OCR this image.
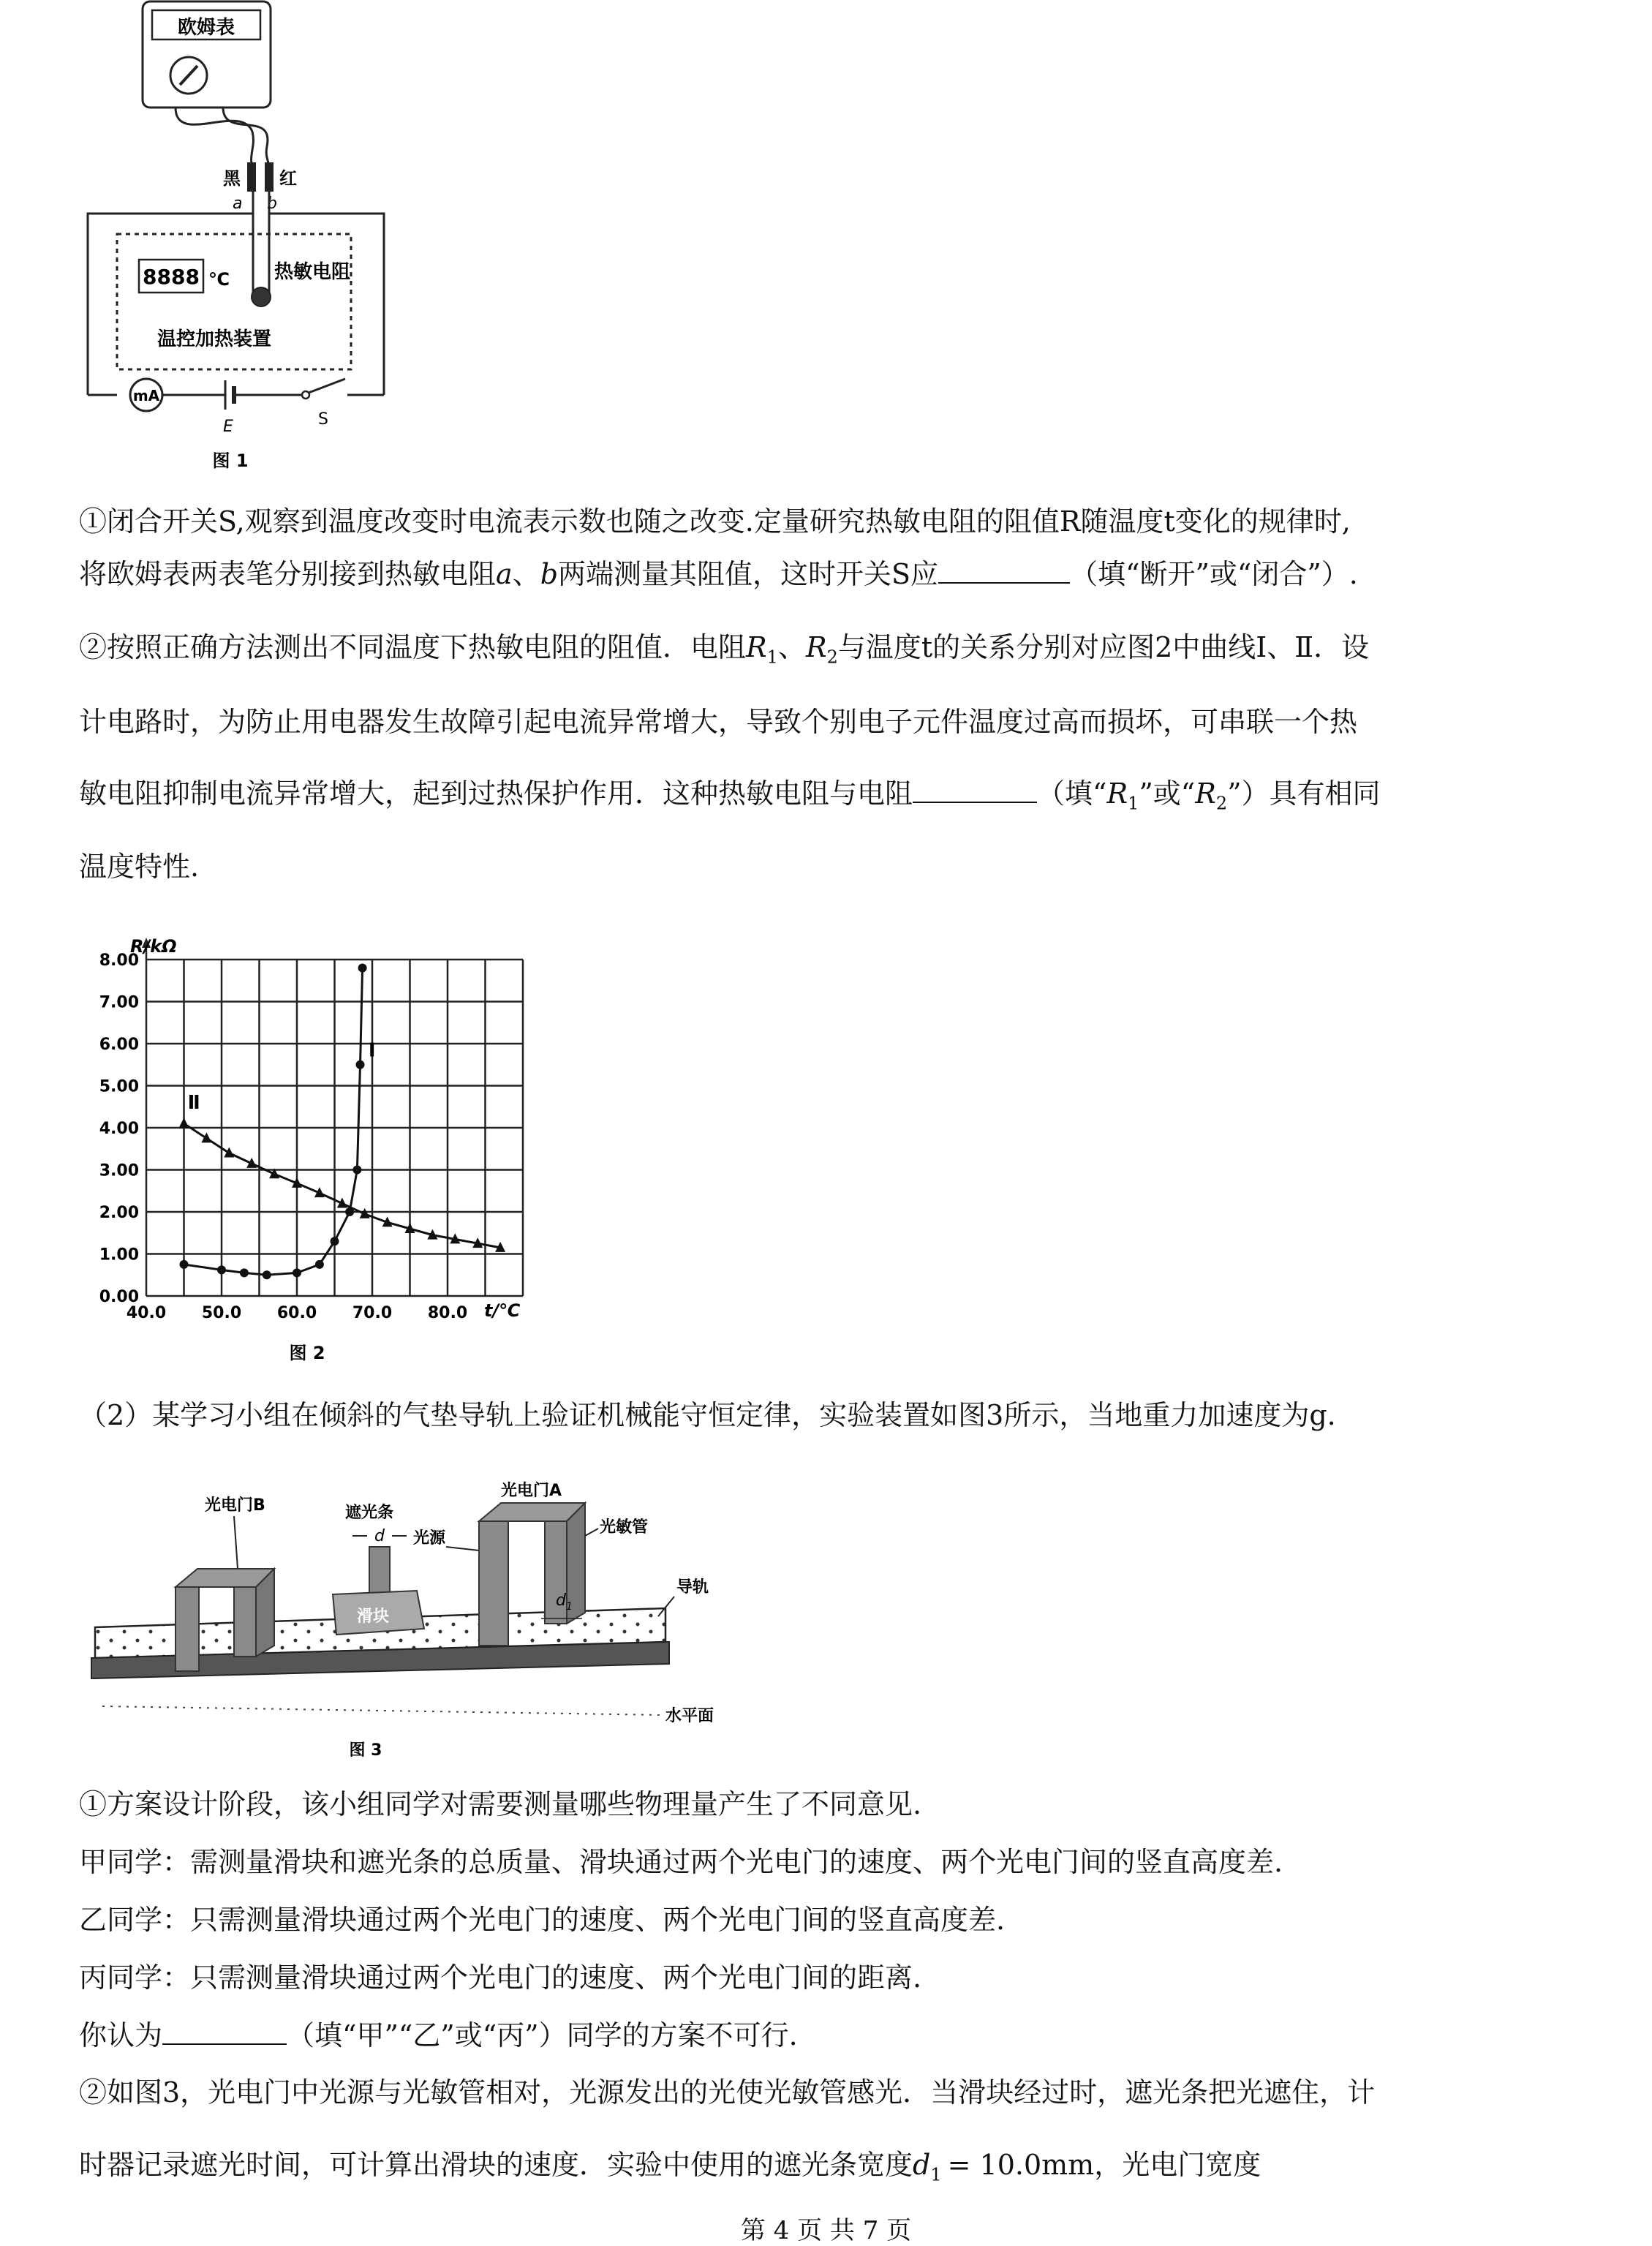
欧姆表
黑 红
a b
8888 ℃ 热敏电阻
温控加热装置
mA
E	S
图 1
①闭合开关S,观察到温度改变时电流表示数也随之改变.定量研究热敏电阻的阻值R随温度t变化的规律时,
将欧姆表两表笔分别接到热敏电阻a、b两端测量其阻值，这时开关S应	（填“断开”或“闭合”）.
②按照正确方法测出不同温度下热敏电阻的阻值．电阻$R_1$、$R_2$与温度t的关系分别对应图2中曲线Ⅰ、Ⅱ．设
计电路时，为防止用电器发生故障引起电流异常增大，导致个别电子元件温度过高而损坏，可串联一个热
敏电阻抑制电流异常增大，起到过热保护作用．这种热敏电阻与电阻	（填“$R_1$”或“$R_2$”）具有相同
温度特性.
0.00
1.00
2.00
3.00
4.00
5.00
6.00
7.00
8.00
40.0 50.0 60.0 70.0 80.0
Ⅰ
Ⅱ
R/kΩ
t/℃
图 2
（2）某学习小组在倾斜的气垫导轨上验证机械能守恒定律，实验装置如图3所示，当地重力加速度为g.
光电门B
滑块
遮光条
d 光源
光电门A
光敏管
$d_1$
导轨
水平面
图 3
①方案设计阶段，该小组同学对需要测量哪些物理量产生了不同意见.
甲同学：需测量滑块和遮光条的总质量、滑块通过两个光电门的速度、两个光电门间的竖直高度差.
乙同学：只需测量滑块通过两个光电门的速度、两个光电门间的竖直高度差.
丙同学：只需测量滑块通过两个光电门的速度、两个光电门间的距离.
你认为	（填“甲”“乙”或“丙”）同学的方案不可行.
②如图3，光电门中光源与光敏管相对，光源发出的光使光敏管感光．当滑块经过时，遮光条把光遮住，计
时器记录遮光时间，可计算出滑块的速度．实验中使用的遮光条宽度$d_1 = 10.0mm$，光电门宽度
第 4 页 共 7 页
